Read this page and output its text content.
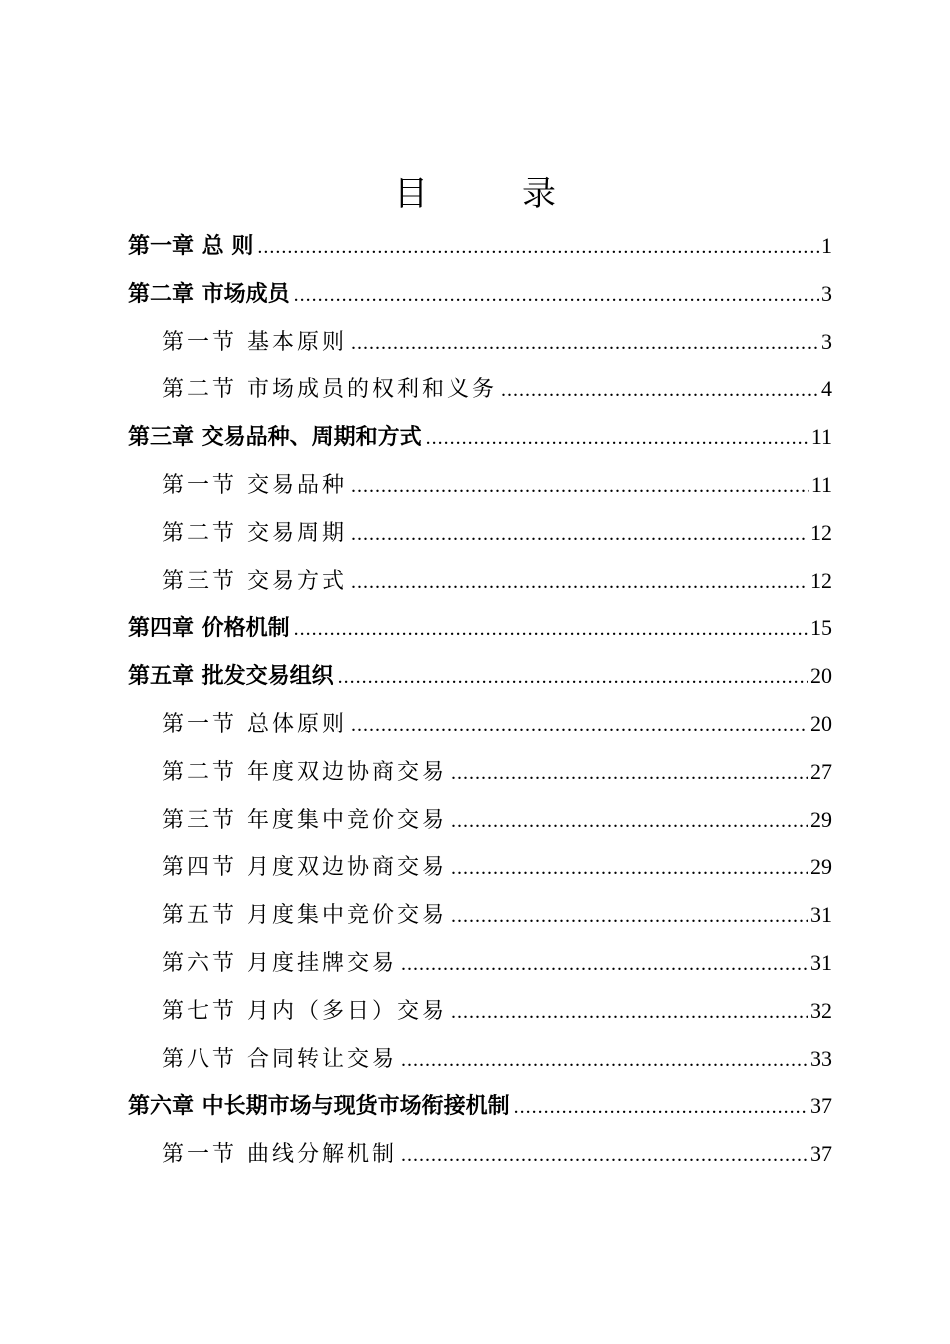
目　录
第一章 总 则 .....	1
第二章 市场成员 .....	3
第一节 基本原则 .....	3
第二节 市场成员的权利和义务 .....	4
第三章 交易品种、周期和方式 .....	11
第一节 交易品种 .....	11
第二节 交易周期 .....	12
第三节 交易方式 .....	12
第四章 价格机制 .....	15
第五章 批发交易组织 .....	20
第一节 总体原则 .....	20
第二节 年度双边协商交易 .....	27
第三节 年度集中竞价交易 .....	29
第四节 月度双边协商交易 .....	29
第五节 月度集中竞价交易 .....	31
第六节 月度挂牌交易 .....	31
第七节 月内（多日）交易 .....	32
第八节 合同转让交易 .....	33
第六章 中长期市场与现货市场衔接机制 .....	37
第一节 曲线分解机制 .....	37
